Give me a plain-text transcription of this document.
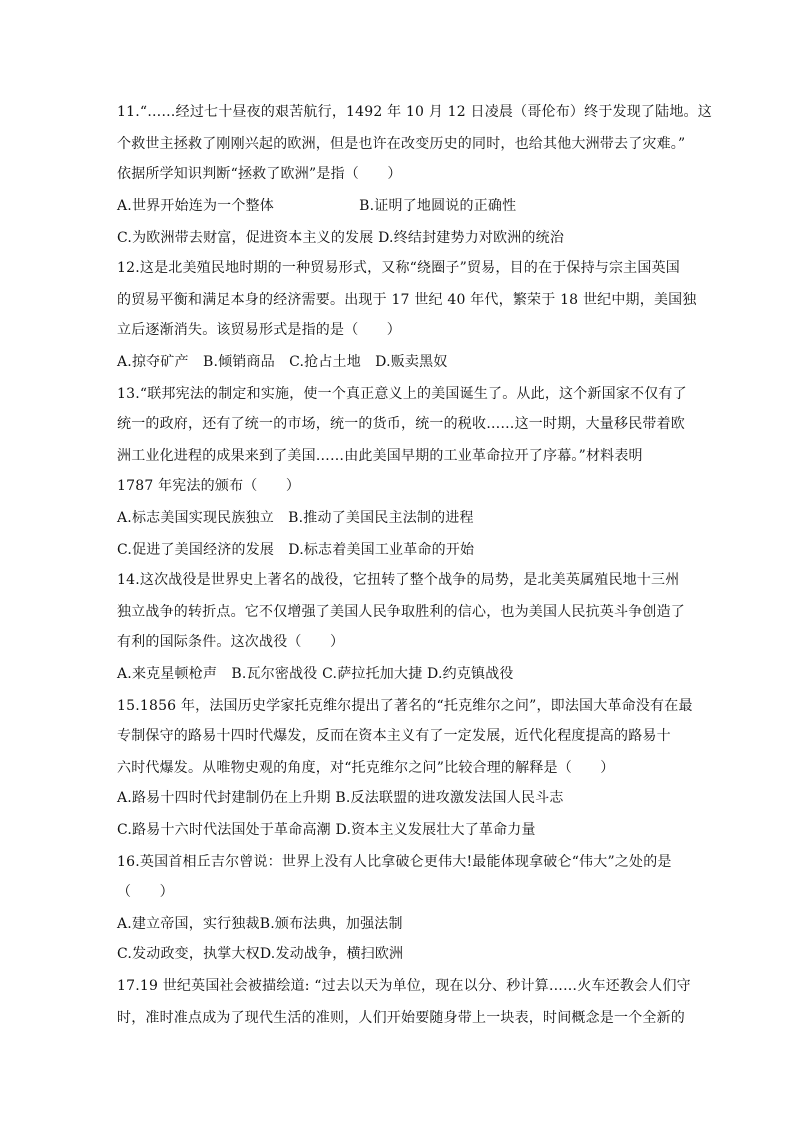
11.“……经过七十昼夜的艰苦航行，1492 年 10 月 12 日凌晨（哥伦布）终于发现了陆地。这
个救世主拯救了刚刚兴起的欧洲，但是也许在改变历史的同时，也给其他大洲带去了灾难。”
依据所学知识判断“拯救了欧洲”是指（　　）
A.世界开始连为一个整体　　　　　　B.证明了地圆说的正确性
C.为欧洲带去财富，促进资本主义的发展 D.终结封建势力对欧洲的统治
12.这是北美殖民地时期的一种贸易形式，又称“绕圈子”贸易，目的在于保持与宗主国英国
的贸易平衡和满足本身的经济需要。出现于 17 世纪 40 年代，繁荣于 18 世纪中期，美国独
立后逐渐消失。该贸易形式是指的是（　　）
A.掠夺矿产　B.倾销商品　C.抢占土地　D.贩卖黑奴
13.“联邦宪法的制定和实施，使一个真正意义上的美国诞生了。从此，这个新国家不仅有了
统一的政府，还有了统一的市场，统一的货币，统一的税收……这一时期，大量移民带着欧
洲工业化进程的成果来到了美国……由此美国早期的工业革命拉开了序幕。”材料表明
1787 年宪法的颁布（　　）
A.标志美国实现民族独立　B.推动了美国民主法制的进程
C.促进了美国经济的发展　D.标志着美国工业革命的开始
14.这次战役是世界史上著名的战役，它扭转了整个战争的局势，是北美英属殖民地十三州
独立战争的转折点。它不仅增强了美国人民争取胜利的信心，也为美国人民抗英斗争创造了
有利的国际条件。这次战役（　　）
A.来克星顿枪声　B.瓦尔密战役 C.萨拉托加大捷 D.约克镇战役
15.1856 年，法国历史学家托克维尔提出了著名的“托克维尔之问”，即法国大革命没有在最
专制保守的路易十四时代爆发，反而在资本主义有了一定发展，近代化程度提高的路易十
六时代爆发。从唯物史观的角度，对“托克维尔之问”比较合理的解释是（　　）
A.路易十四时代封建制仍在上升期 B.反法联盟的进攻激发法国人民斗志
C.路易十六时代法国处于革命高潮 D.资本主义发展壮大了革命力量
16.英国首相丘吉尔曾说：世界上没有人比拿破仑更伟大!最能体现拿破仑“伟大”之处的是
（　　）
A.建立帝国，实行独裁B.颁布法典，加强法制
C.发动政变，执掌大权D.发动战争，横扫欧洲
17.19 世纪英国社会被描绘道: “过去以天为单位，现在以分、秒计算……火车还教会人们守
时，准时准点成为了现代生活的准则，人们开始要随身带上一块表，时间概念是一个全新的
